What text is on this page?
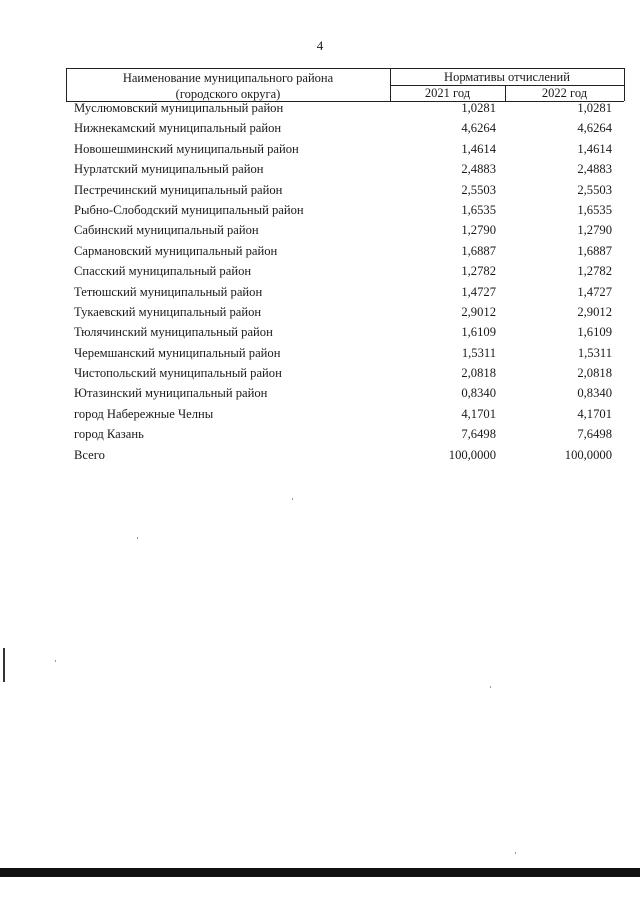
4
Наименование муниципального района
(городского округа)
Нормативы отчислений
2021 год	2022 год
Муслюмовский муниципальный район	1,0281	1,0281
Нижнекамский муниципальный район	4,6264	4,6264
Новошешминский муниципальный район	1,4614	1,4614
Нурлатский муниципальный район	2,4883	2,4883
Пестречинский муниципальный район	2,5503	2,5503
Рыбно-Слободский муниципальный район	1,6535	1,6535
Сабинский муниципальный район	1,2790	1,2790
Сармановский муниципальный район	1,6887	1,6887
Спасский муниципальный район	1,2782	1,2782
Тетюшский муниципальный район	1,4727	1,4727
Тукаевский муниципальный район	2,9012	2,9012
Тюлячинский муниципальный район	1,6109	1,6109
Черемшанский муниципальный район	1,5311	1,5311
Чистопольский муниципальный район	2,0818	2,0818
Ютазинский муниципальный район	0,8340	0,8340
город Набережные Челны	4,1701	4,1701
город Казань	7,6498	7,6498
Всего	100,0000	100,0000
